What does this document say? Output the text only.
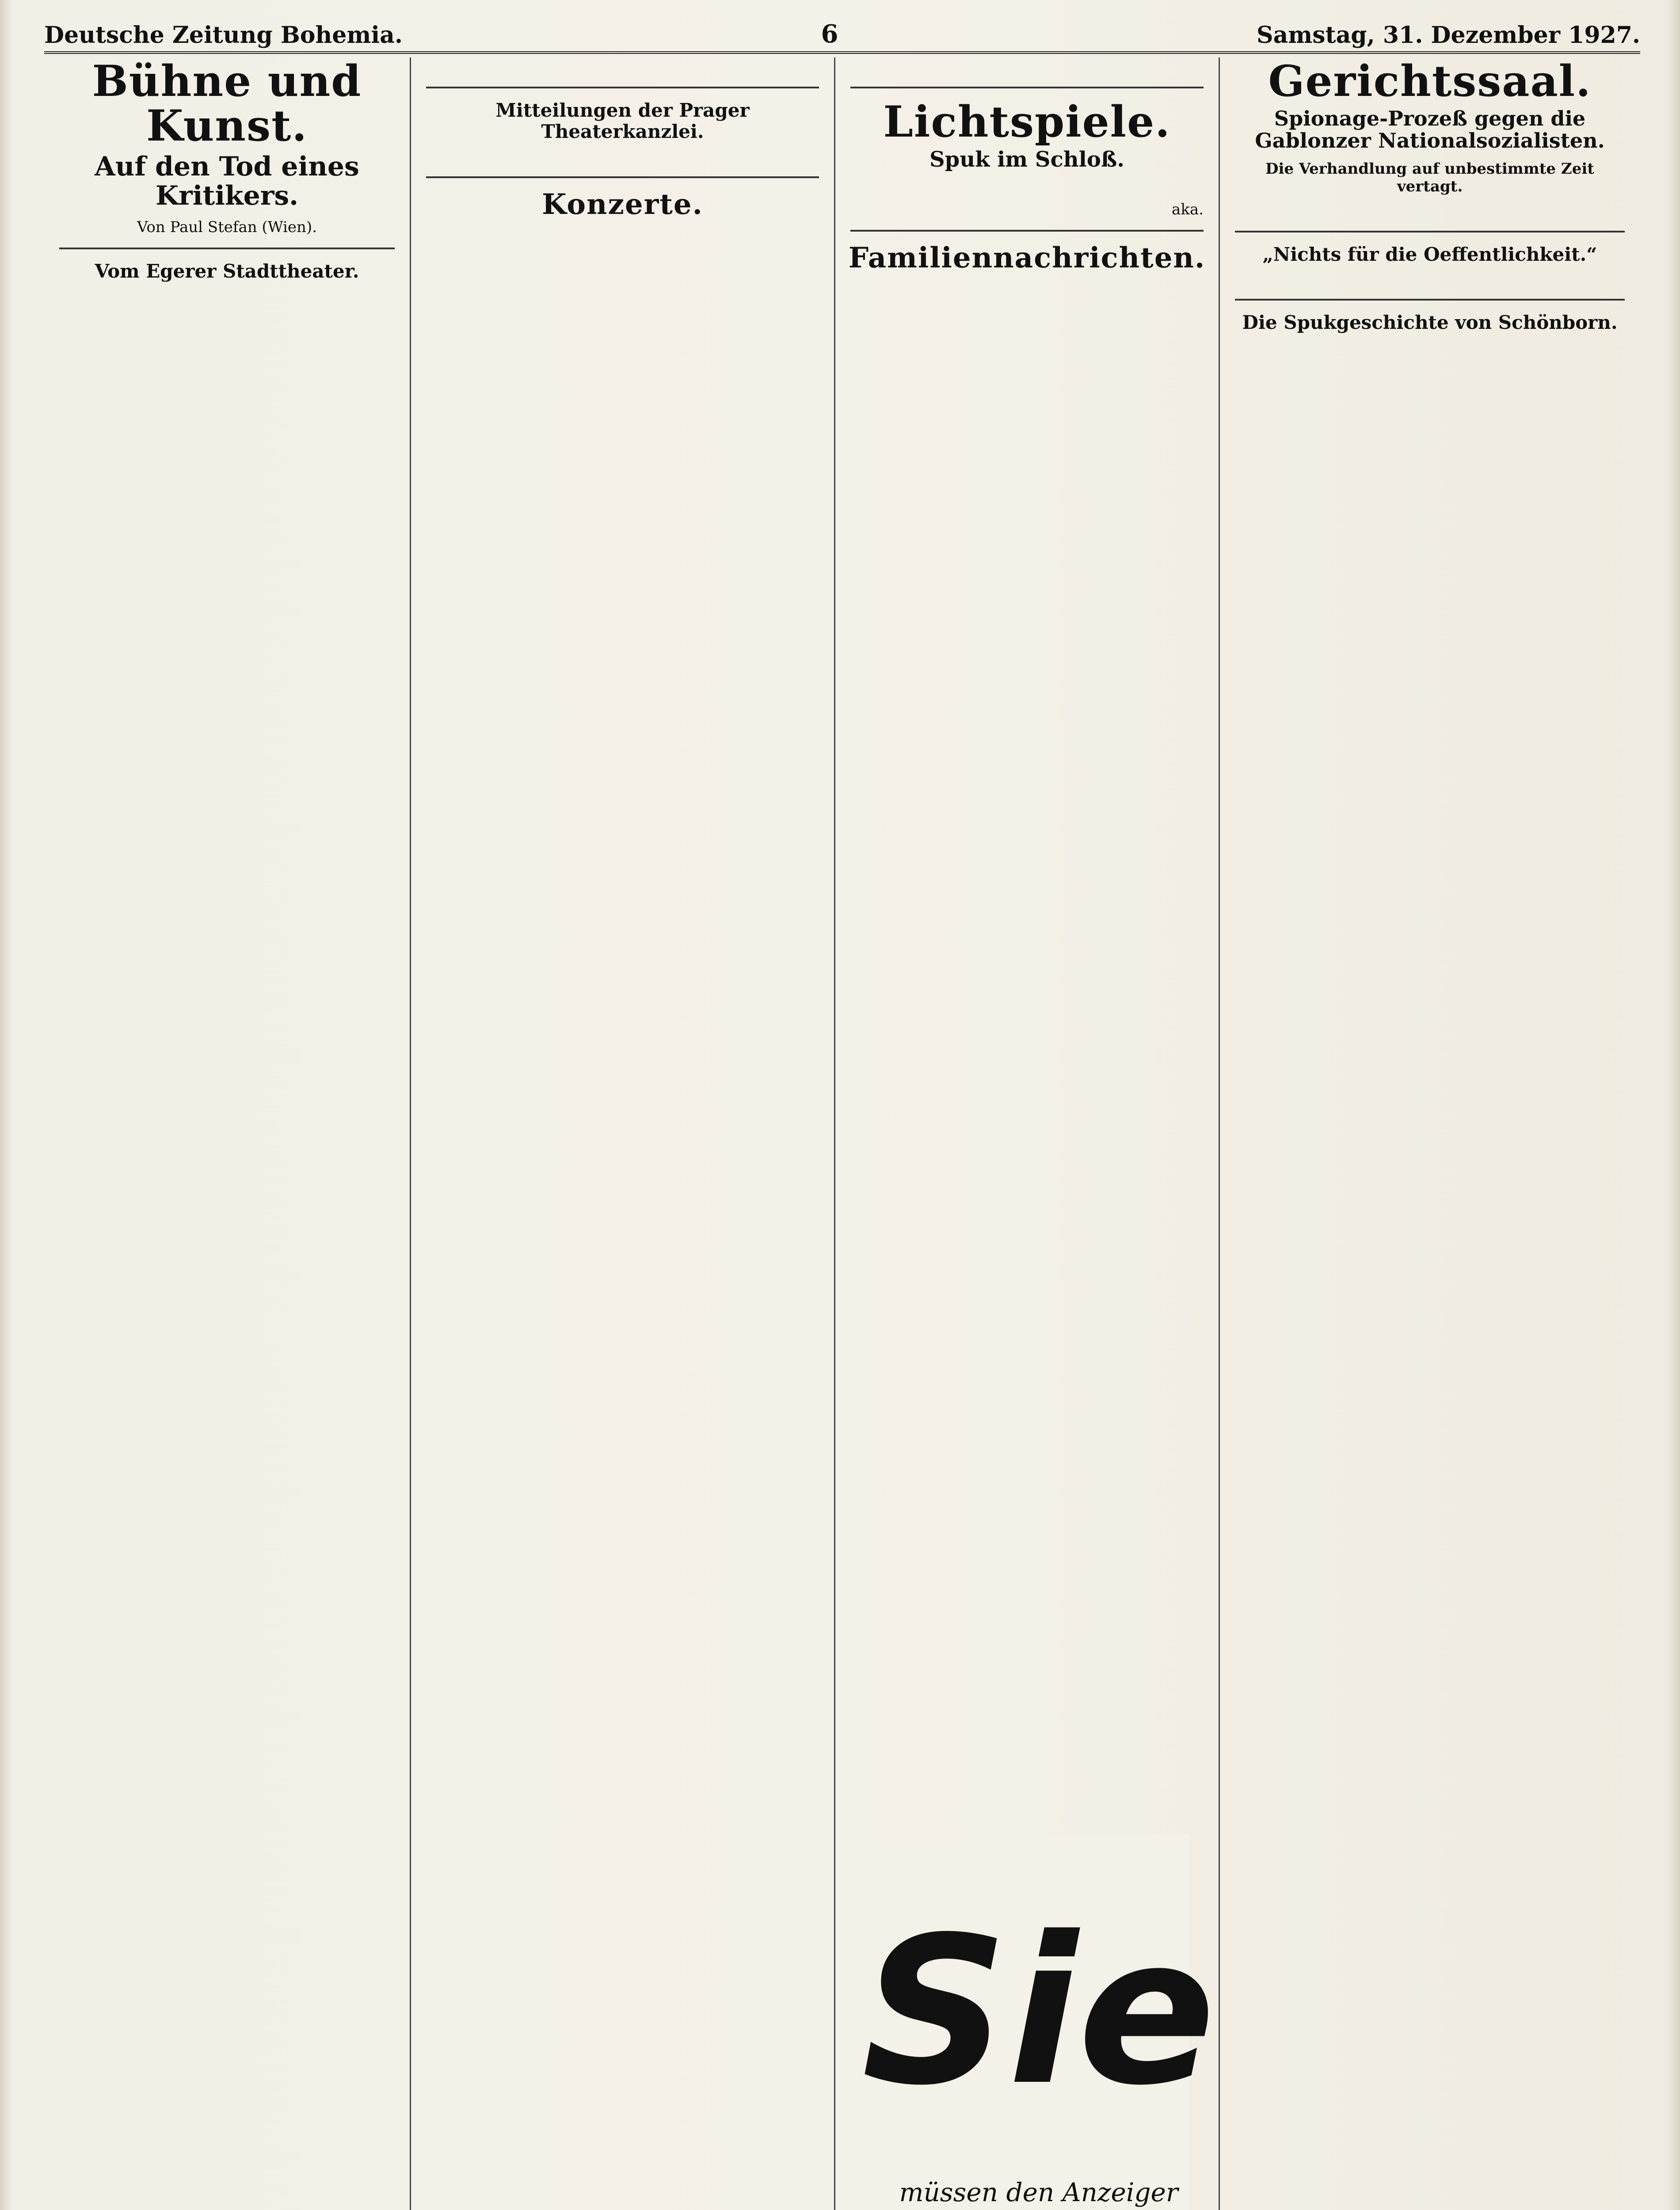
Deutsche Zeitung Bohemia.	6	Samstag, 31. Dezember 1927.
Bühne und Kunst.
Auf den Tod eines Kritikers.
Von Paul Stefan (Wien).
Vom Egerer Stadttheater.

Mitteilungen der Prager Theaterkanzlei.

Konzerte.

Lichtspiele.
Spuk im Schloß.

aka.
Familiennachrichten.

Gerichtssaal.
Spionage-Prozeß gegen die Gablonzer Nationalsozialisten.
Die Verhandlung auf unbestimmte Zeit vertagt.

„Nichts für die Oeffentlichkeit.“

Die Spukgeschichte von Schönborn.

Sie
müssen den Anzeiger
